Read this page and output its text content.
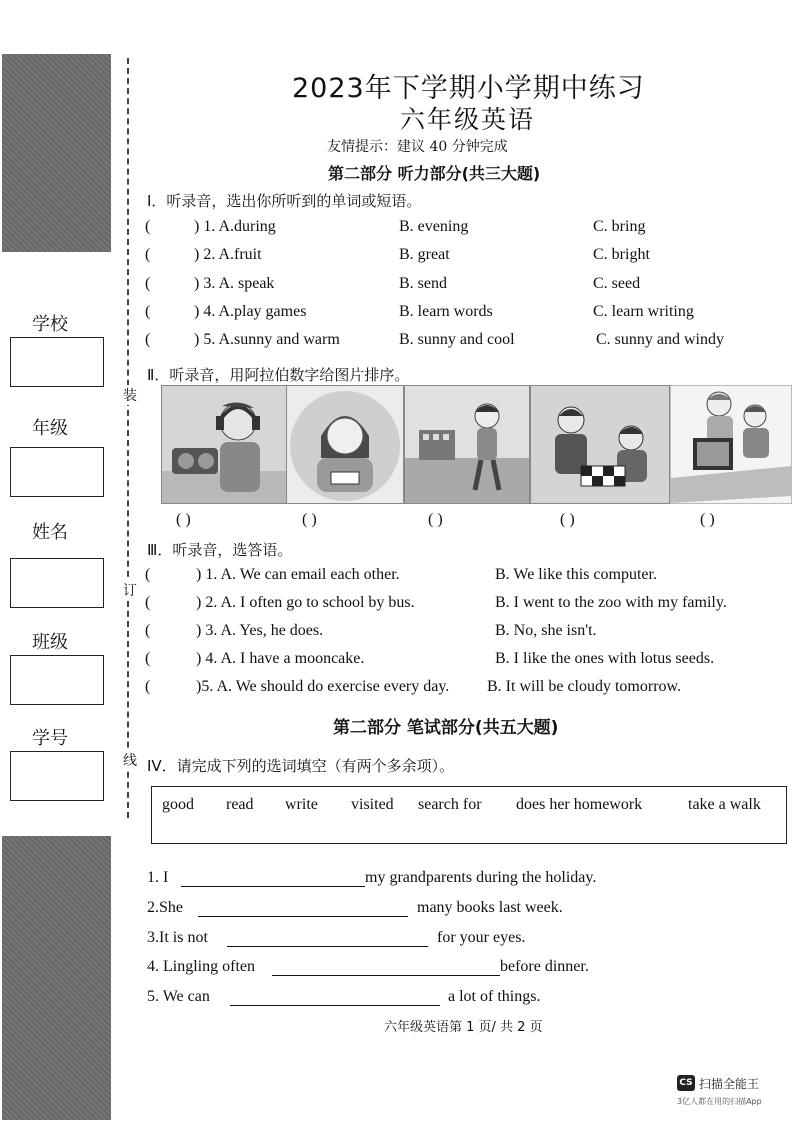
学校
年级
姓名
班级
学号
装
订
线
2023年下学期小学期中练习
六年级英语
友情提示：建议 40 分钟完成
第二部分 听力部分(共三大题)
Ⅰ．听录音，选出你所听到的单词或短语。
(	) 1. A.during	B. evening	C. bring
(	) 2. A.fruit	B. great	C. bright
(	) 3. A. speak	B. send	C. seed
(	) 4. A.play games	B. learn words	C. learn writing
(	) 5. A.sunny and warm	B. sunny and cool	C. sunny and windy
Ⅱ．听录音，用阿拉伯数字给图片排序。
( )	( )	( )	( )	( )
Ⅲ．听录音，选答语。
(	) 1. A. We can email each other.	B. We like this computer.
(	) 2. A. I often go to school by bus.	B. I went to the zoo with my family.
(	) 3. A. Yes, he does.	B. No, she isn't.
(	) 4. A. I have a mooncake.	B. I like the ones with lotus seeds.
(	)5. A. We should do exercise every day. B. It will be cloudy tomorrow.
第二部分 笔试部分(共五大题)
IV．请完成下列的选词填空（有两个多余项）。
good read write visited search for does her homework	take a walk
1. I	my grandparents during the holiday.
2.She	many books last week.
3.It is not	for your eyes.
4. Lingling often	before dinner.
5. We can	a lot of things.
六年级英语第 1 页/ 共 2 页
CS 扫描全能王
3亿人都在用的扫描App
